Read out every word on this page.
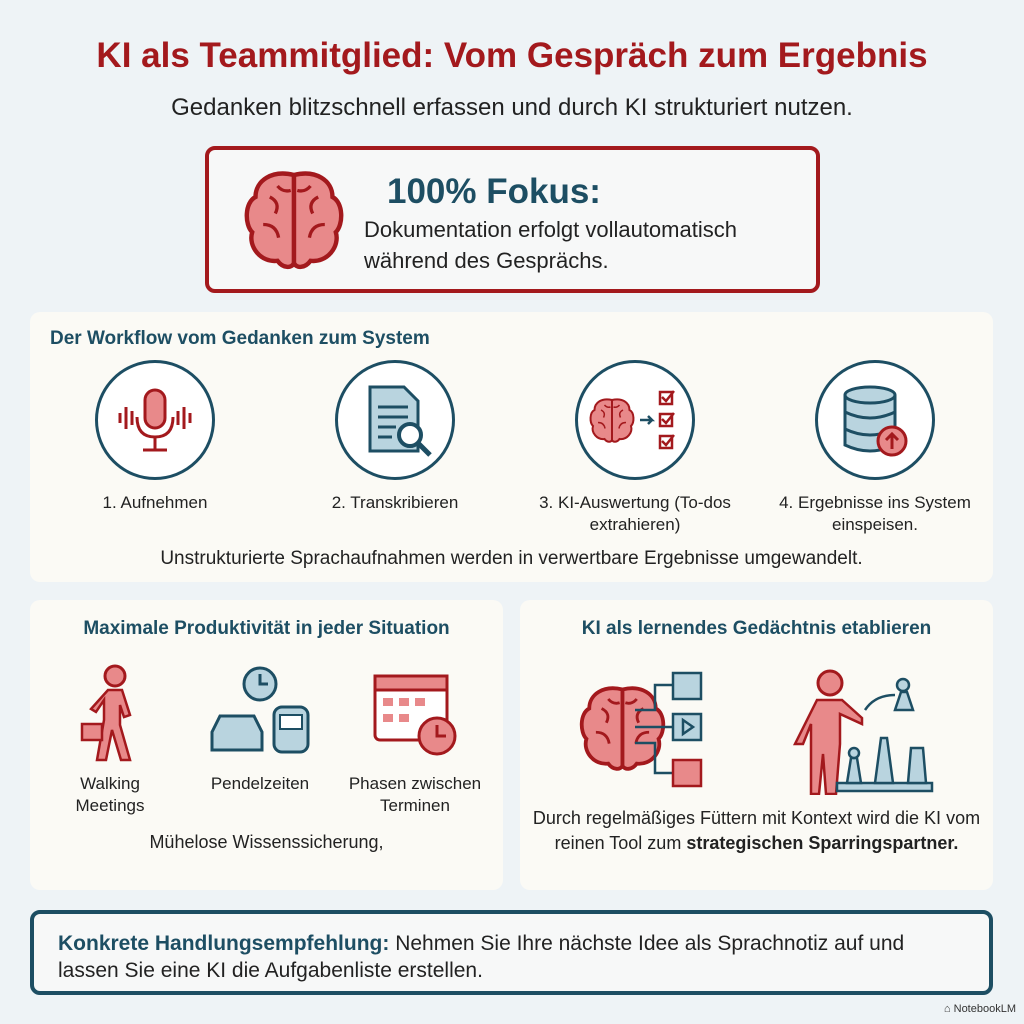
KI als Teammitglied: Vom Gespräch zum Ergebnis
Gedanken blitzschnell erfassen und durch KI strukturiert nutzen.
100% Fokus:
Dokumentation erfolgt vollautomatisch während des Gesprächs.
Der Workflow vom Gedanken zum System
1. Aufnehmen	2. Transkribieren	3. KI-Auswertung (To-dos extrahieren)
4. Ergebnisse ins System einspeisen.
Unstrukturierte Sprachaufnahmen werden in verwertbare Ergebnisse umgewandelt.
Maximale Produktivität in jeder Situation
Walking Meetings
Pendelzeiten	Phasen zwischen Terminen
Mühelose Wissenssicherung,
KI als lernendes Gedächtnis etablieren
Durch regelmäßiges Füttern mit Kontext wird die KI vom reinen Tool zum strategischen Sparringspartner.
Konkrete Handlungsempfehlung: Nehmen Sie Ihre nächste Idee als Sprachnotiz auf und lassen Sie eine KI die Aufgabenliste erstellen.
⌂ NotebookLM
